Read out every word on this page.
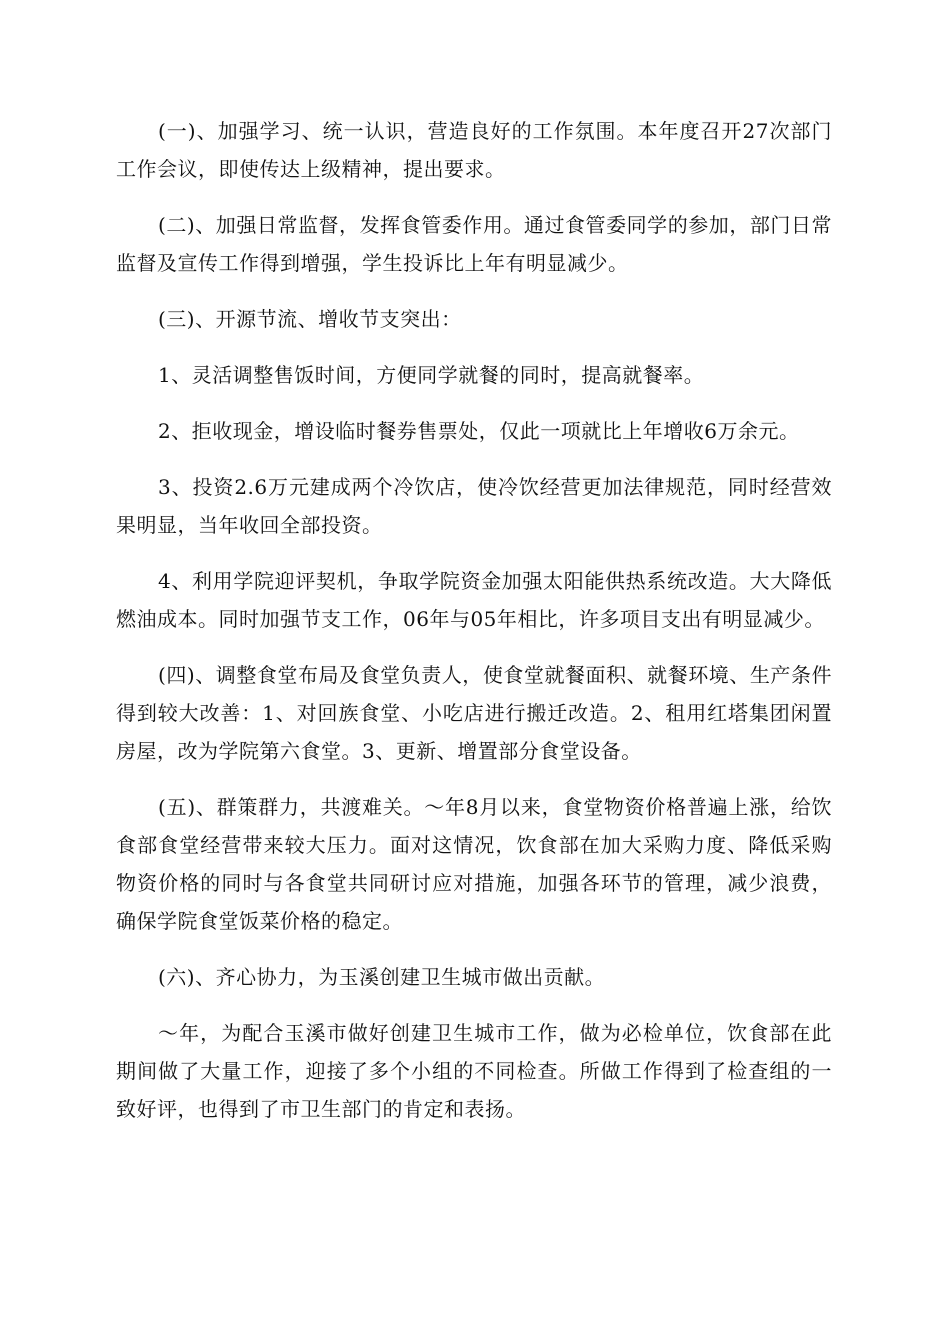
(一)、加强学习、统一认识，营造良好的工作氛围。本年度召开27次部门工作会议，即使传达上级精神，提出要求。

(二)、加强日常监督，发挥食管委作用。通过食管委同学的参加，部门日常监督及宣传工作得到增强，学生投诉比上年有明显减少。

(三)、开源节流、增收节支突出：

1、灵活调整售饭时间，方便同学就餐的同时，提高就餐率。

2、拒收现金，增设临时餐券售票处，仅此一项就比上年增收6万余元。

3、投资2.6万元建成两个冷饮店，使冷饮经营更加法律规范，同时经营效果明显，当年收回全部投资。

4、利用学院迎评契机，争取学院资金加强太阳能供热系统改造。大大降低燃油成本。同时加强节支工作，06年与05年相比，许多项目支出有明显减少。

(四)、调整食堂布局及食堂负责人，使食堂就餐面积、就餐环境、生产条件得到较大改善：1、对回族食堂、小吃店进行搬迁改造。2、租用红塔集团闲置房屋，改为学院第六食堂。3、更新、增置部分食堂设备。

(五)、群策群力，共渡难关。～年8月以来，食堂物资价格普遍上涨，给饮食部食堂经营带来较大压力。面对这情况，饮食部在加大采购力度、降低采购物资价格的同时与各食堂共同研讨应对措施，加强各环节的管理，减少浪费，确保学院食堂饭菜价格的稳定。

(六)、齐心协力，为玉溪创建卫生城市做出贡献。

～年，为配合玉溪市做好创建卫生城市工作，做为必检单位，饮食部在此期间做了大量工作，迎接了多个小组的不同检查。所做工作得到了检查组的一致好评，也得到了市卫生部门的肯定和表扬。
